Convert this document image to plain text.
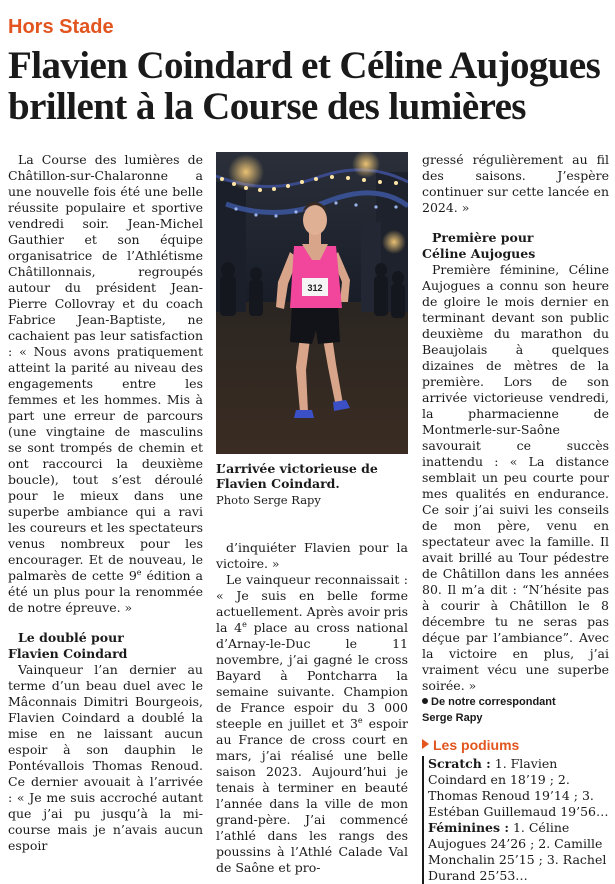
Hors Stade
Flavien Coindard et Céline Aujogues brillent à la Course des lumières

La Course des lumières de Châtillon-sur-Chalaronne a une nouvelle fois été une belle réussite populaire et sportive vendredi soir. Jean-Michel Gauthier et son équipe organisatrice de l’Athlétisme Châtillonnais, regroupés autour du président Jean-Pierre Collovray et du coach Fabrice Jean-Baptiste, ne cachaient pas leur satisfaction : « Nous avons pratiquement atteint la parité au niveau des engagements entre les femmes et les hommes. Mis à part une erreur de parcours (une vingtaine de masculins se sont trompés de chemin et ont raccourci la deuxième boucle), tout s’est déroulé pour le mieux dans une superbe ambiance qui a ravi les coureurs et les spectateurs venus nombreux pour les encourager. Et de nouveau, le palmarès de cette 9e édition a été un plus pour la renommée de notre épreuve. »

Le doublé pour
Flavien Coindard

Vainqueur l’an dernier au terme d’un beau duel avec le Mâconnais Dimitri Bourgeois, Flavien Coindard a doublé la mise en ne laissant aucun espoir à son dauphin le Pontévallois Thomas Renoud. Ce dernier avouait à l’arrivée : « Je me suis accroché autant que j’ai pu jusqu’à la mi-course mais je n’avais aucun espoir

312
L’arrivée victorieuse de Flavien Coindard.
Photo Serge Rapy

d’inquiéter Flavien pour la victoire. »

Le vainqueur reconnaissait : « Je suis en belle forme actuellement. Après avoir pris la 4e place au cross national d’Arnay-le-Duc le 11 novembre, j’ai gagné le cross Bayard à Pontcharra la semaine suivante. Champion de France espoir du 3 000 steeple en juillet et 3e espoir au France de cross court en mars, j’ai réalisé une belle saison 2023. Aujourd’hui je tenais à terminer en beauté l’année dans la ville de mon grand-père. J’ai commencé l’athlé dans les rangs des poussins à l’Athlé Calade Val de Saône et pro-

gressé régulièrement au fil des saisons. J’espère continuer sur cette lancée en 2024. »

Première pour
Céline Aujogues

Première féminine, Céline Aujogues a connu son heure de gloire le mois dernier en terminant devant son public deuxième du marathon du Beaujolais à quelques dizaines de mètres de la première. Lors de son arrivée victorieuse vendredi, la pharmacienne de Montmerle-sur-Saône savourait ce succès inattendu : « La distance semblait un peu courte pour mes qualités en endurance. Ce soir j’ai suivi les conseils de mon père, venu en spectateur avec la famille. Il avait brillé au Tour pédestre de Châtillon dans les années 80. Il m’a dit : “N’hésite pas à courir à Châtillon le 8 décembre tu ne seras pas déçue par l’ambiance”. Avec la victoire en plus, j’ai vraiment vécu une superbe soirée. »

De notre correspondant
Serge Rapy
Les podiums

Scratch : 1. Flavien Coindard en 18’19 ; 2. Thomas Renoud 19’14 ; 3. Estéban Guillemaud 19’56…

Féminines : 1. Céline Aujogues 24’26 ; 2. Camille Monchalin 25’15 ; 3. Rachel Durand 25’53…
